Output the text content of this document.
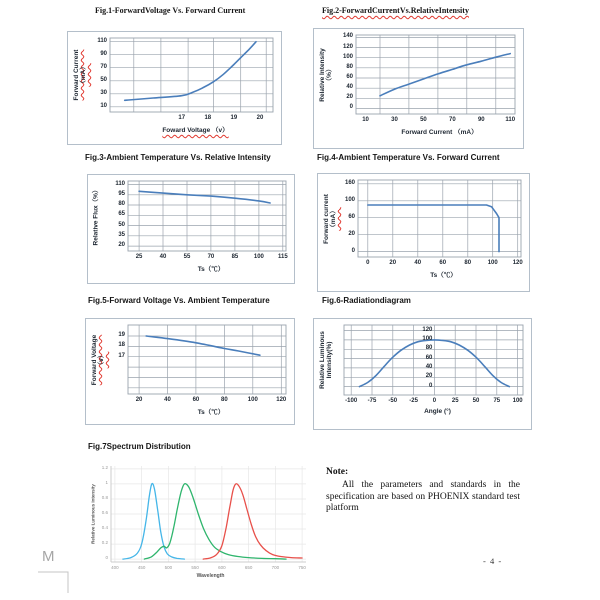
Fig.1-ForwardVoltage Vs. Forward Current
17	18	19	20
110
90
70
50
30
10
Foward Voltage （v）
Forward Current （mA）
Fig.2-ForwardCurrentVs.RelativeIntensity
10	30	50	70	90	110
140
120
100
80
60
40
20
0
Forward Current （mA）
Relative Intensity （%）
Fig.3-Ambient Temperature Vs. Relative Intensity
25	40	55	70	85	100	115
110
95
80
65
50
35
20
Ts（℃）
Relative Flux（%）
Fig.4-Ambient Temperature Vs. Forward Current
0	20	40	60	80	100	120
160
100
60
20
0
Ts（℃）
Forward current （mA）
Fig.5-Forward Voltage Vs. Ambient Temperature
20	40	60	80	100	120
19
18
17
Ts（℃）
Forward Voltage （v）
Fig.6-Radiationdiagram
-100	-75	-50	-25	0	25	50	75	100
120
100
80
60
40
20
0
Angle (°)
Relative Luminous Intensity(%)
Fig.7Spectrum Distribution
400	450	500	550	600	650	700	750
1.2
1
0.8
0.6
0.4
0.2
0
Wavelength
Relative Luminous Intensity
Note:
All the parameters and standards in the specification are based on PHOENIX standard test platform
- 4 -
M
